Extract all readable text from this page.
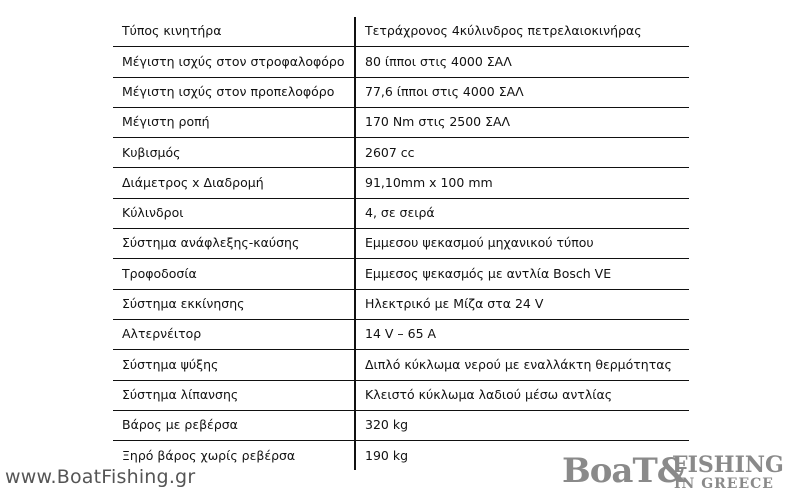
Τύπος κινητήρα	Τετράχρονος 4κύλινδρος πετρελαιοκινήρας
Μέγιστη ισχύς στον στροφαλοφόρο	80 ίπποι στις 4000 ΣΑΛ
Μέγιστη ισχύς στον προπελοφόρο	77,6 ίπποι στις 4000 ΣΑΛ
Μέγιστη ροπή	170 Nm στις 2500 ΣΑΛ
Κυβισμός	2607 cc
Διάμετρος x Διαδρομή	91,10mm x 100 mm
Κύλινδροι	4, σε σειρά
Σύστημα ανάφλεξης-καύσης	Εμμεσου ψεκασμού μηχανικού τύπου
Τροφοδοσία	Εμμεσος ψεκασμός με αντλία Bosch VE
Σύστημα εκκίνησης	Ηλεκτρικό με Μίζα στα 24 V
Αλτερνέιτορ	14 V – 65 A
Σύστημα ψύξης	Διπλό κύκλωμα νερού με εναλλάκτη θερμότητας
Σύστημα λίπανσης	Κλειστό κύκλωμα λαδιού μέσω αντλίας
Βάρος με ρεβέρσα	320 kg
Ξηρό βάρος χωρίς ρεβέρσα	190 kg
www.BoatFishing.gr	BoaT&
FISHING
IN GREECE
